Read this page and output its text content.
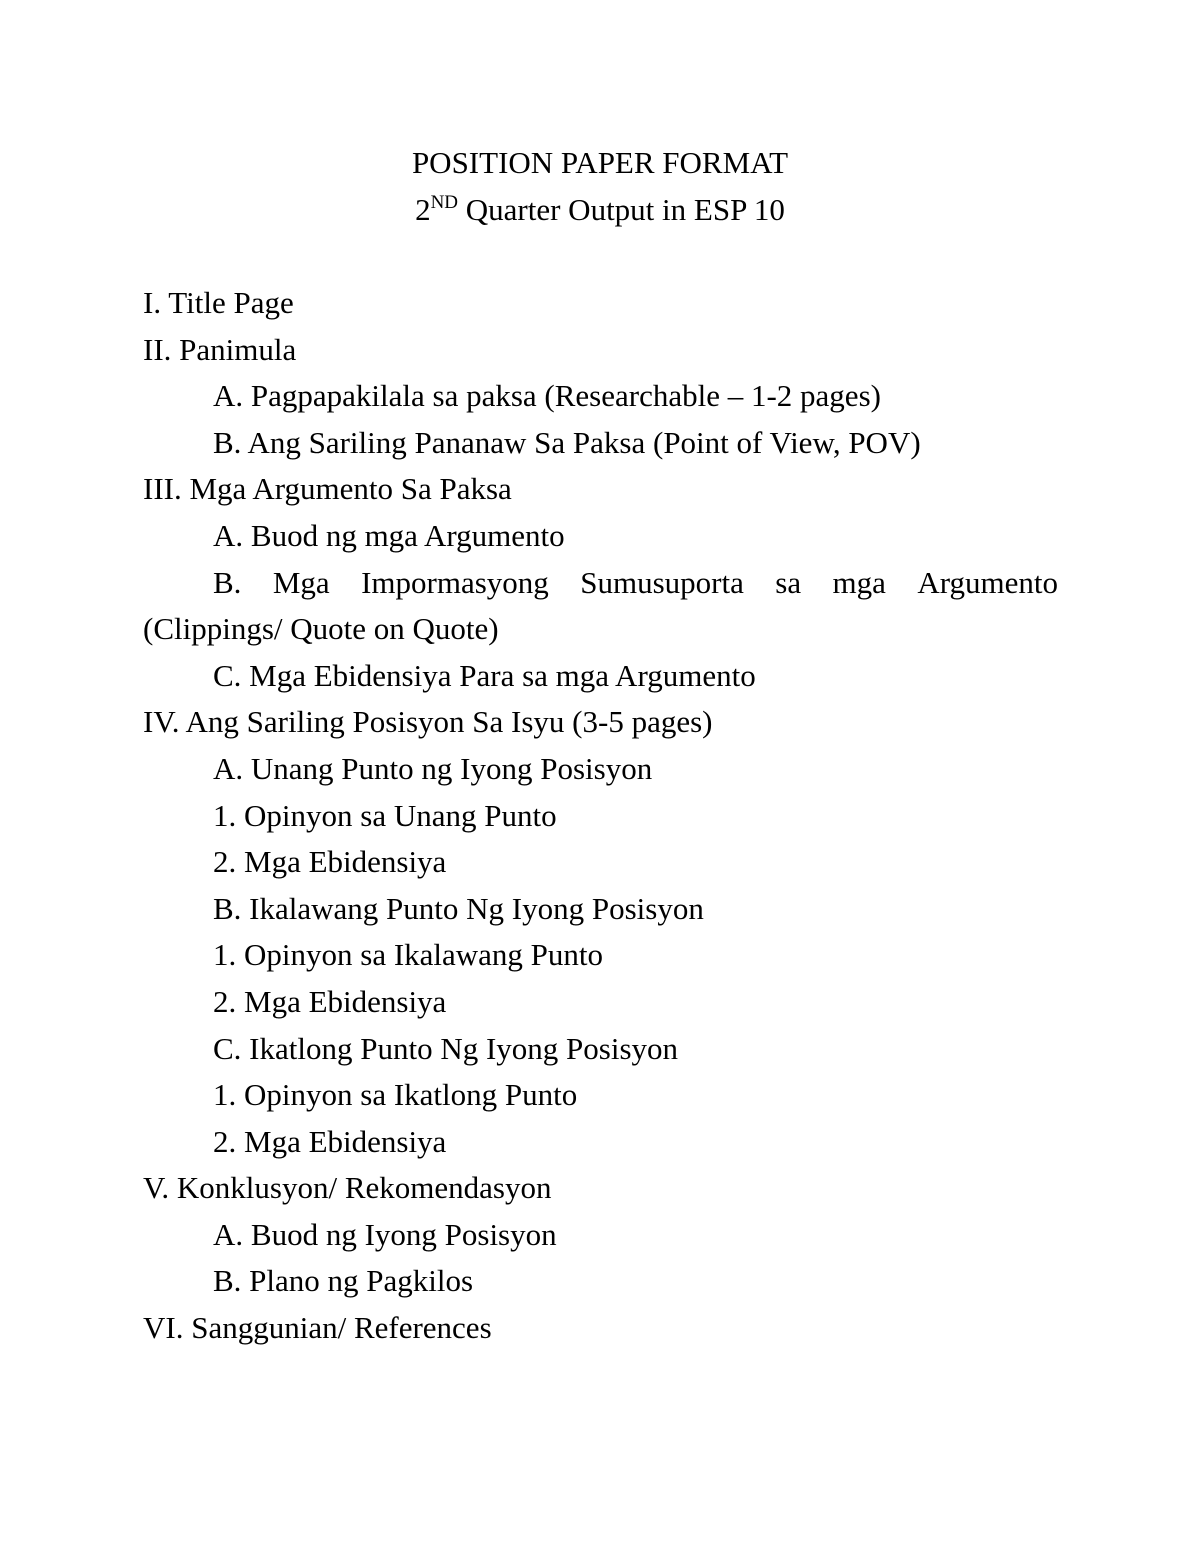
POSITION PAPER FORMAT
2ND Quarter Output in ESP 10
I. Title Page
II. Panimula
A. Pagpapakilala sa paksa (Researchable – 1-2 pages)
B. Ang Sariling Pananaw Sa Paksa (Point of View, POV)
III. Mga Argumento Sa Paksa
A. Buod ng mga Argumento
B. Mga Impormasyong Sumusuporta sa mga Argumento
(Clippings/ Quote on Quote)
C. Mga Ebidensiya Para sa mga Argumento
IV. Ang Sariling Posisyon Sa Isyu (3-5 pages)
A. Unang Punto ng Iyong Posisyon
1. Opinyon sa Unang Punto
2. Mga Ebidensiya
B. Ikalawang Punto Ng Iyong Posisyon
1. Opinyon sa Ikalawang Punto
2. Mga Ebidensiya
C. Ikatlong Punto Ng Iyong Posisyon
1. Opinyon sa Ikatlong Punto
2. Mga Ebidensiya
V. Konklusyon/ Rekomendasyon
A. Buod ng Iyong Posisyon
B. Plano ng Pagkilos
VI. Sanggunian/ References
